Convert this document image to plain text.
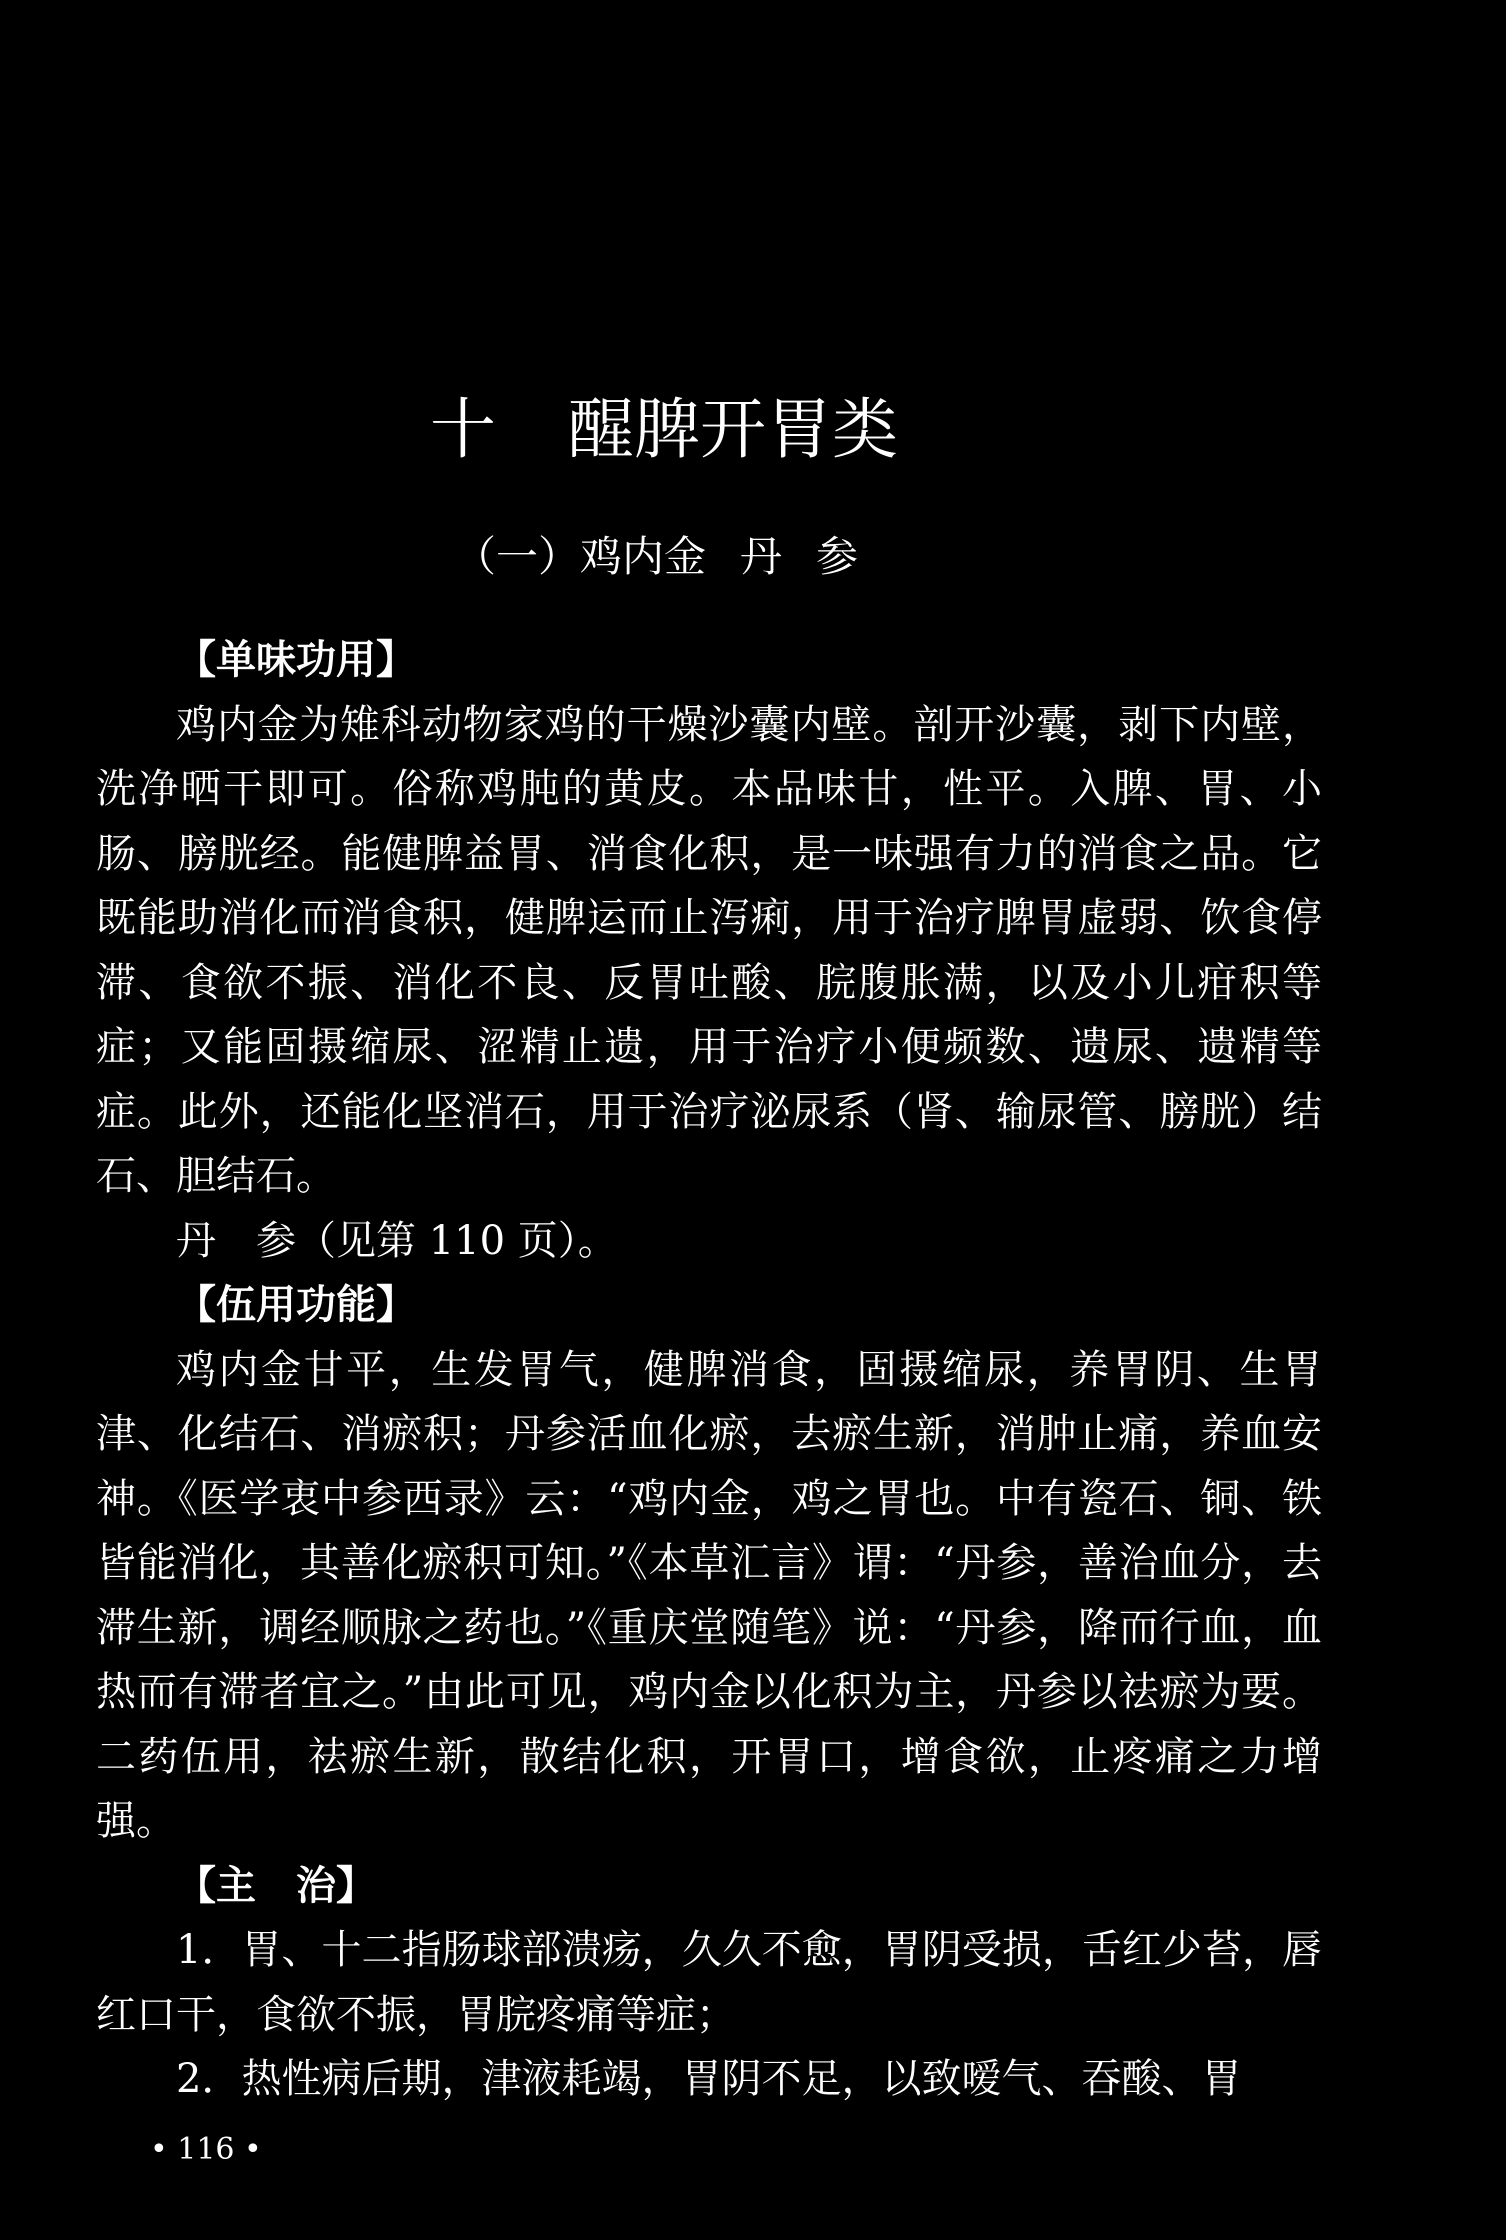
十 醒脾开胃类
（一）鸡内金 丹 参

【单味功用】

鸡内金为雉科动物家鸡的干燥沙囊内壁。剖开沙囊，剥下内壁，洗净晒干即可。俗称鸡肫的黄皮。本品味甘，性平。入脾、胃、小肠、膀胱经。能健脾益胃、消食化积，是一味强有力的消食之品。它既能助消化而消食积，健脾运而止泻痢，用于治疗脾胃虚弱、饮食停滞、食欲不振、消化不良、反胃吐酸、脘腹胀满，以及小儿疳积等症；又能固摄缩尿、涩精止遗，用于治疗小便频数、遗尿、遗精等症。此外，还能化坚消石，用于治疗泌尿系（肾、输尿管、膀胱）结石、胆结石。

丹　参（见第 110 页）。

【伍用功能】

鸡内金甘平，生发胃气，健脾消食，固摄缩尿，养胃阴、生胃津、化结石、消瘀积；丹参活血化瘀，去瘀生新，消肿止痛，养血安神。《医学衷中参西录》云：“鸡内金，鸡之胃也。中有瓷石、铜、铁皆能消化，其善化瘀积可知。”《本草汇言》谓：“丹参，善治血分，去滞生新，调经顺脉之药也。”《重庆堂随笔》说：“丹参，降而行血，血热而有滞者宜之。”由此可见，鸡内金以化积为主，丹参以祛瘀为要。二药伍用，祛瘀生新，散结化积，开胃口，增食欲，止疼痛之力增强。

【主　治】

1．胃、十二指肠球部溃疡，久久不愈，胃阴受损，舌红少苔，唇红口干，食欲不振，胃脘疼痛等症；

2．热性病后期，津液耗竭，胃阴不足，以致嗳气、吞酸、胃

• 116 •
